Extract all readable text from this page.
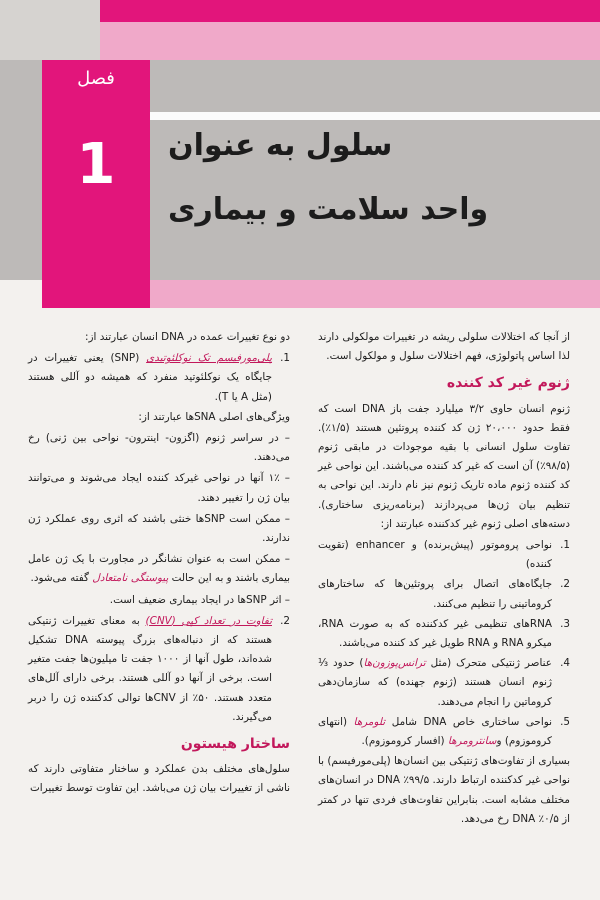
فصل
1	سلول به عنوان
واحد سلامت و بیماری

از آنجا که اختلالات سلولی ریشه در تغییرات مولکولی دارند لذا اساس پاتولوژی، فهم اختلالات سلول و مولکول است.

ژنوم غیر کد کننده

ژنوم انسان حاوی ۳/۲ میلیارد جفت باز DNA است که فقط حدود ۲۰،۰۰۰ ژن کد کننده پروتئین هستند (۱/۵٪). تفاوت سلول انسانی با بقیه موجودات در مابقی ژنوم (۹۸/۵٪) آن است که غیر کد کننده می‌باشند. این نواحی غیر کد کننده ژنوم ماده تاریک ژنوم نیز نام دارند. این نواحی به تنظیم بیان ژن‌ها می‌پردازند (برنامه‌ریزی ساختاری). دسته‌های اصلی ژنوم غیر کدکننده عبارتند از:

1.
نواحی پروموتور (پیش‌برنده) و enhancer (تقویت کننده)
2.
جایگاه‌های اتصال برای پروتئین‌ها که ساختارهای کروماتینی را تنظیم می‌کنند.
3.
RNAهای تنظیمی غیر کدکننده که به صورت RNA، میکرو RNA و RNA طویل غیر کد کننده می‌باشند.
4.
عناصر ژنتیکی متحرک (مثل ترانس‌پوزون‌ها) حدود ⅓ ژنوم انسان هستند (ژنوم جهنده) که سازمان‌دهی کروماتین را انجام می‌دهند.
5.
نواحی ساختاری خاص DNA شامل تلومرها (انتهای کروموزوم) وسانترومرها (افسار کروموزوم).

بسیاری از تفاوت‌های ژنتیکی بین انسان‌ها (پلی‌مورفیسم) با نواحی غیر کدکننده ارتباط دارند. ۹۹/۵٪ DNA در انسان‌های مختلف مشابه است. بنابراین تفاوت‌های فردی تنها در کمتر از ۰/۵٪ DNA رخ می‌دهد.

دو نوع تغییرات عمده در DNA انسان عبارتند از:

1.
پلی‌مورفیسم تک نوکلئوتیدی (SNP) یعنی تغییرات در جایگاه یک نوکلئوتید منفرد که همیشه دو آللی هستند (مثل A یا T).

ویژگی‌های اصلی SNAها عبارتند از:

– در سراسر ژنوم (اگزون- اینترون- نواحی بین ژنی) رخ می‌دهند.

– ۱٪ آنها در نواحی غیرکد کننده ایجاد می‌شوند و می‌توانند بیان ژن را تغییر دهند.

– ممکن است SNPها خنثی باشند که اثری روی عملکرد ژن ندارند.

– ممکن است به عنوان نشانگر در مجاورت با یک ژن عامل بیماری باشند و به این حالت پیوستگی نامتعادل گفته می‌شود.

– اثر SNPها در ایجاد بیماری ضعیف است.

2.
تفاوت در تعداد کپی (CNV) به معنای تغییرات ژنتیکی هستند که از دنباله‌های بزرگ پیوسته DNA تشکیل شده‌اند، طول آنها از ۱۰۰۰ جفت تا میلیون‌ها جفت متغیر است. برخی از آنها دو آللی هستند. برخی دارای آلل‌های متعدد هستند. ۵۰٪ از CNVها توالی کدکننده ژن را دربر می‌گیرند.
ساختار هیستون

سلول‌های مختلف بدن عملکرد و ساختار متفاوتی دارند که ناشی از تغییرات بیان ژن می‌باشد. این تفاوت توسط تغییرات
